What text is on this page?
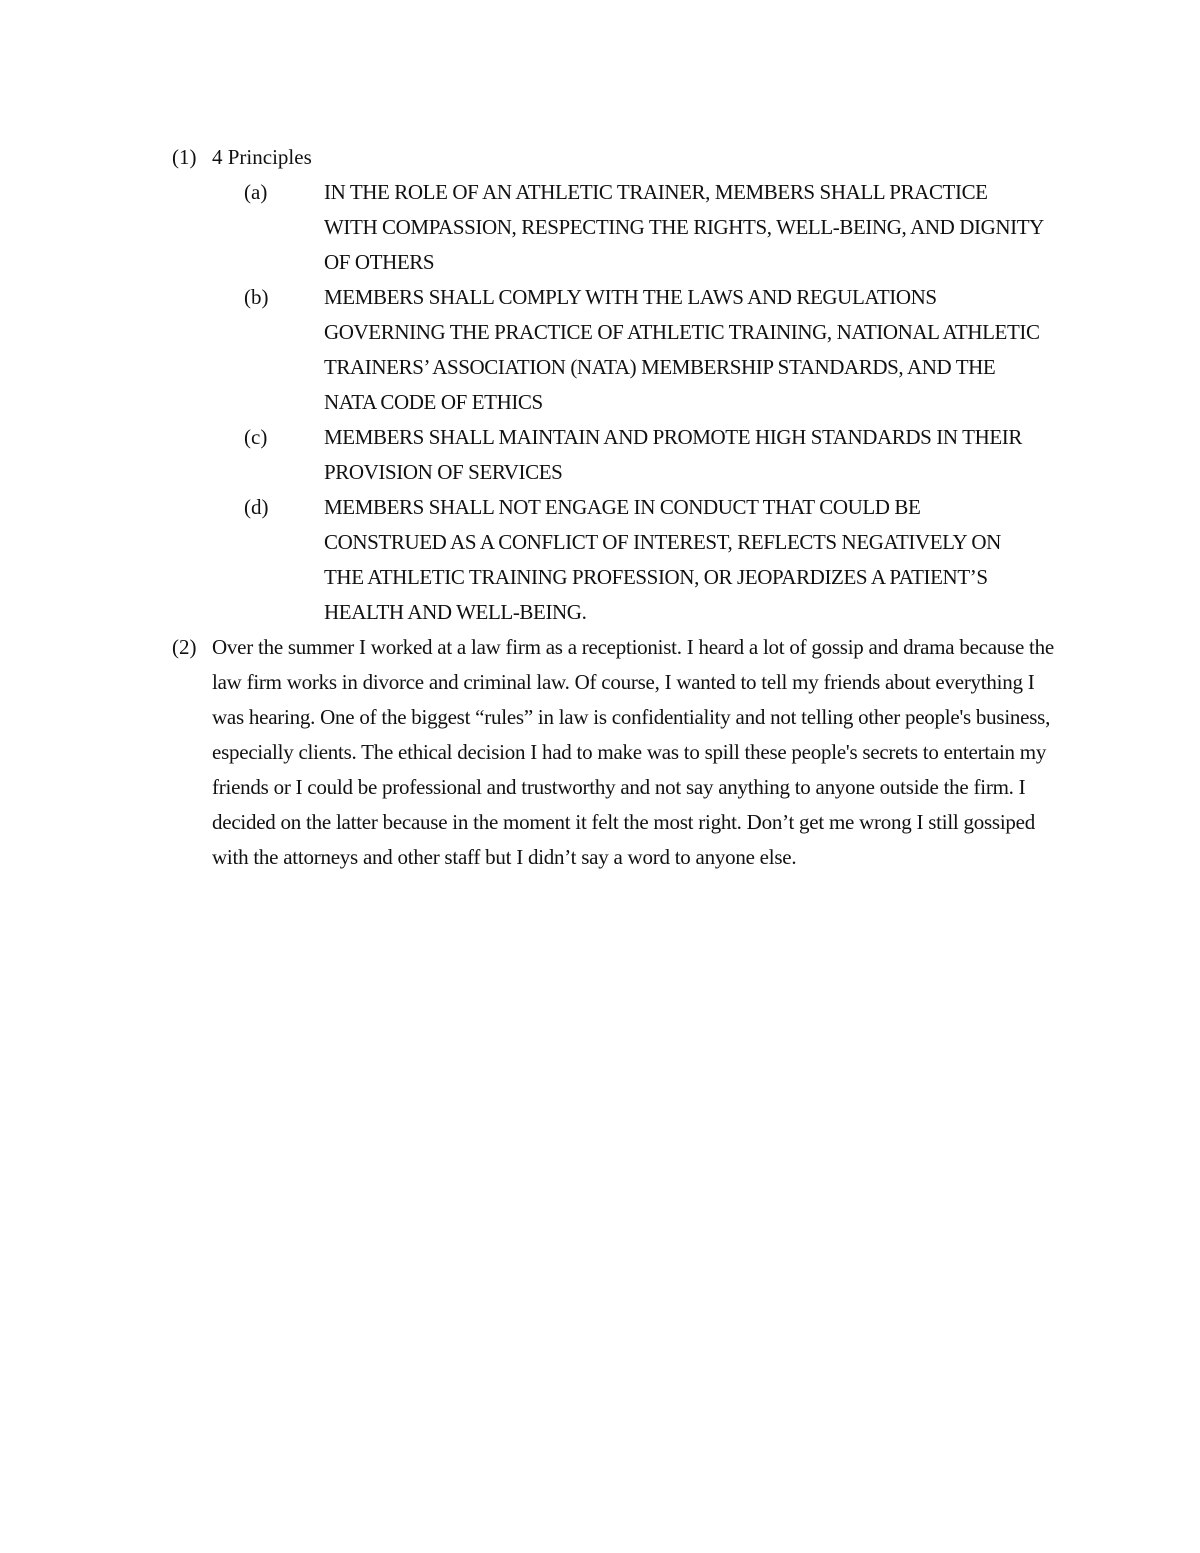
(1) 4 Principles
(a)	IN THE ROLE OF AN ATHLETIC TRAINER, MEMBERS SHALL PRACTICE WITH COMPASSION, RESPECTING THE RIGHTS, WELL-BEING, AND DIGNITY OF OTHERS
(b)	MEMBERS SHALL COMPLY WITH THE LAWS AND REGULATIONS GOVERNING THE PRACTICE OF ATHLETIC TRAINING, NATIONAL ATHLETIC TRAINERS’ ASSOCIATION (NATA) MEMBERSHIP STANDARDS, AND THE NATA CODE OF ETHICS
(c)	MEMBERS SHALL MAINTAIN AND PROMOTE HIGH STANDARDS IN THEIR PROVISION OF SERVICES
(d)	MEMBERS SHALL NOT ENGAGE IN CONDUCT THAT COULD BE CONSTRUED AS A CONFLICT OF INTEREST, REFLECTS NEGATIVELY ON THE ATHLETIC TRAINING PROFESSION, OR JEOPARDIZES A PATIENT’S HEALTH AND WELL-BEING.
(2) Over the summer I worked at a law firm as a receptionist. I heard a lot of gossip and drama because the law firm works in divorce and criminal law. Of course, I wanted to tell my friends about everything I was hearing. One of the biggest “rules” in law is confidentiality and not telling other people's business, especially clients. The ethical decision I had to make was to spill these people's secrets to entertain my friends or I could be professional and trustworthy and not say anything to anyone outside the firm. I decided on the latter because in the moment it felt the most right. Don’t get me wrong I still gossiped with the attorneys and other staff but I didn’t say a word to anyone else.
